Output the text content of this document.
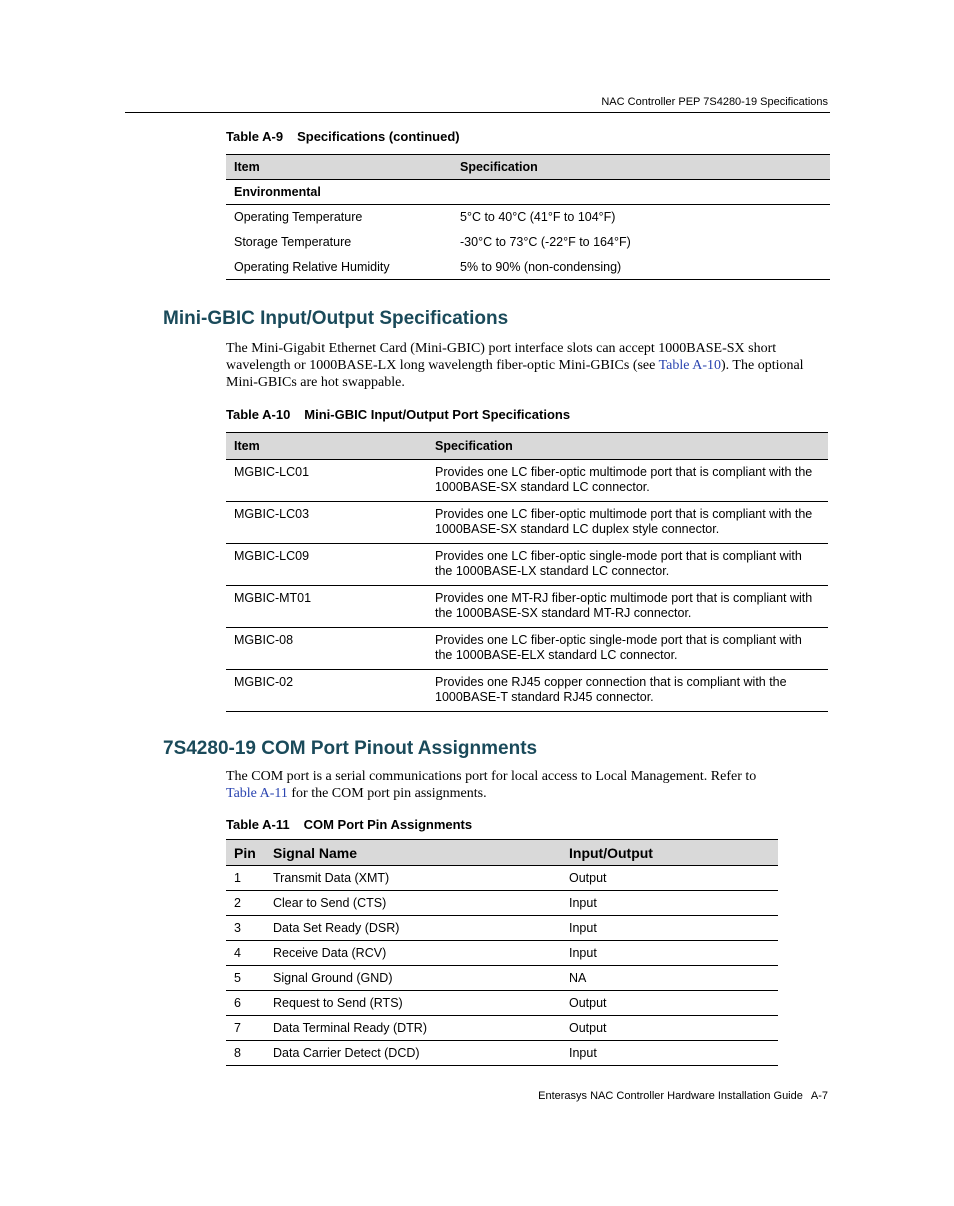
NAC Controller PEP 7S4280-19 Specifications
Table A-9 Specifications (continued)
Item	Specification
Environmental	
Operating Temperature	5°C to 40°C (41°F to 104°F)
Storage Temperature	-30°C to 73°C (-22°F to 164°F)
Operating Relative Humidity	5% to 90% (non-condensing)
Mini-GBIC Input/Output Specifications

The Mini-Gigabit Ethernet Card (Mini-GBIC) port interface slots can accept 1000BASE-SX short wavelength or 1000BASE-LX long wavelength fiber-optic Mini-GBICs (see Table A-10). The optional Mini-GBICs are hot swappable.

Table A-10 Mini-GBIC Input/Output Port Specifications
Item	Specification
MGBIC-LC01	Provides one LC fiber-optic multimode port that is compliant with the
1000BASE-SX standard LC connector.
MGBIC-LC03	Provides one LC fiber-optic multimode port that is compliant with the
1000BASE-SX standard LC duplex style connector.
MGBIC-LC09	Provides one LC fiber-optic single-mode port that is compliant with
the 1000BASE-LX standard LC connector.
MGBIC-MT01	Provides one MT-RJ fiber-optic multimode port that is compliant with
the 1000BASE-SX standard MT-RJ connector.
MGBIC-08	Provides one LC fiber-optic single-mode port that is compliant with
the 1000BASE-ELX standard LC connector.
MGBIC-02	Provides one RJ45 copper connection that is compliant with the
1000BASE-T standard RJ45 connector.
7S4280-19 COM Port Pinout Assignments

The COM port is a serial communications port for local access to Local Management. Refer to
Table A-11 for the COM port pin assignments.

Table A-11 COM Port Pin Assignments
Pin	Signal Name	Input/Output
1	Transmit Data (XMT)	Output
2	Clear to Send (CTS)	Input
3	Data Set Ready (DSR)	Input
4	Receive Data (RCV)	Input
5	Signal Ground (GND)	NA
6	Request to Send (RTS)	Output
7	Data Terminal Ready (DTR)	Output
8	Data Carrier Detect (DCD)	Input
Enterasys NAC Controller Hardware Installation Guide A-7
